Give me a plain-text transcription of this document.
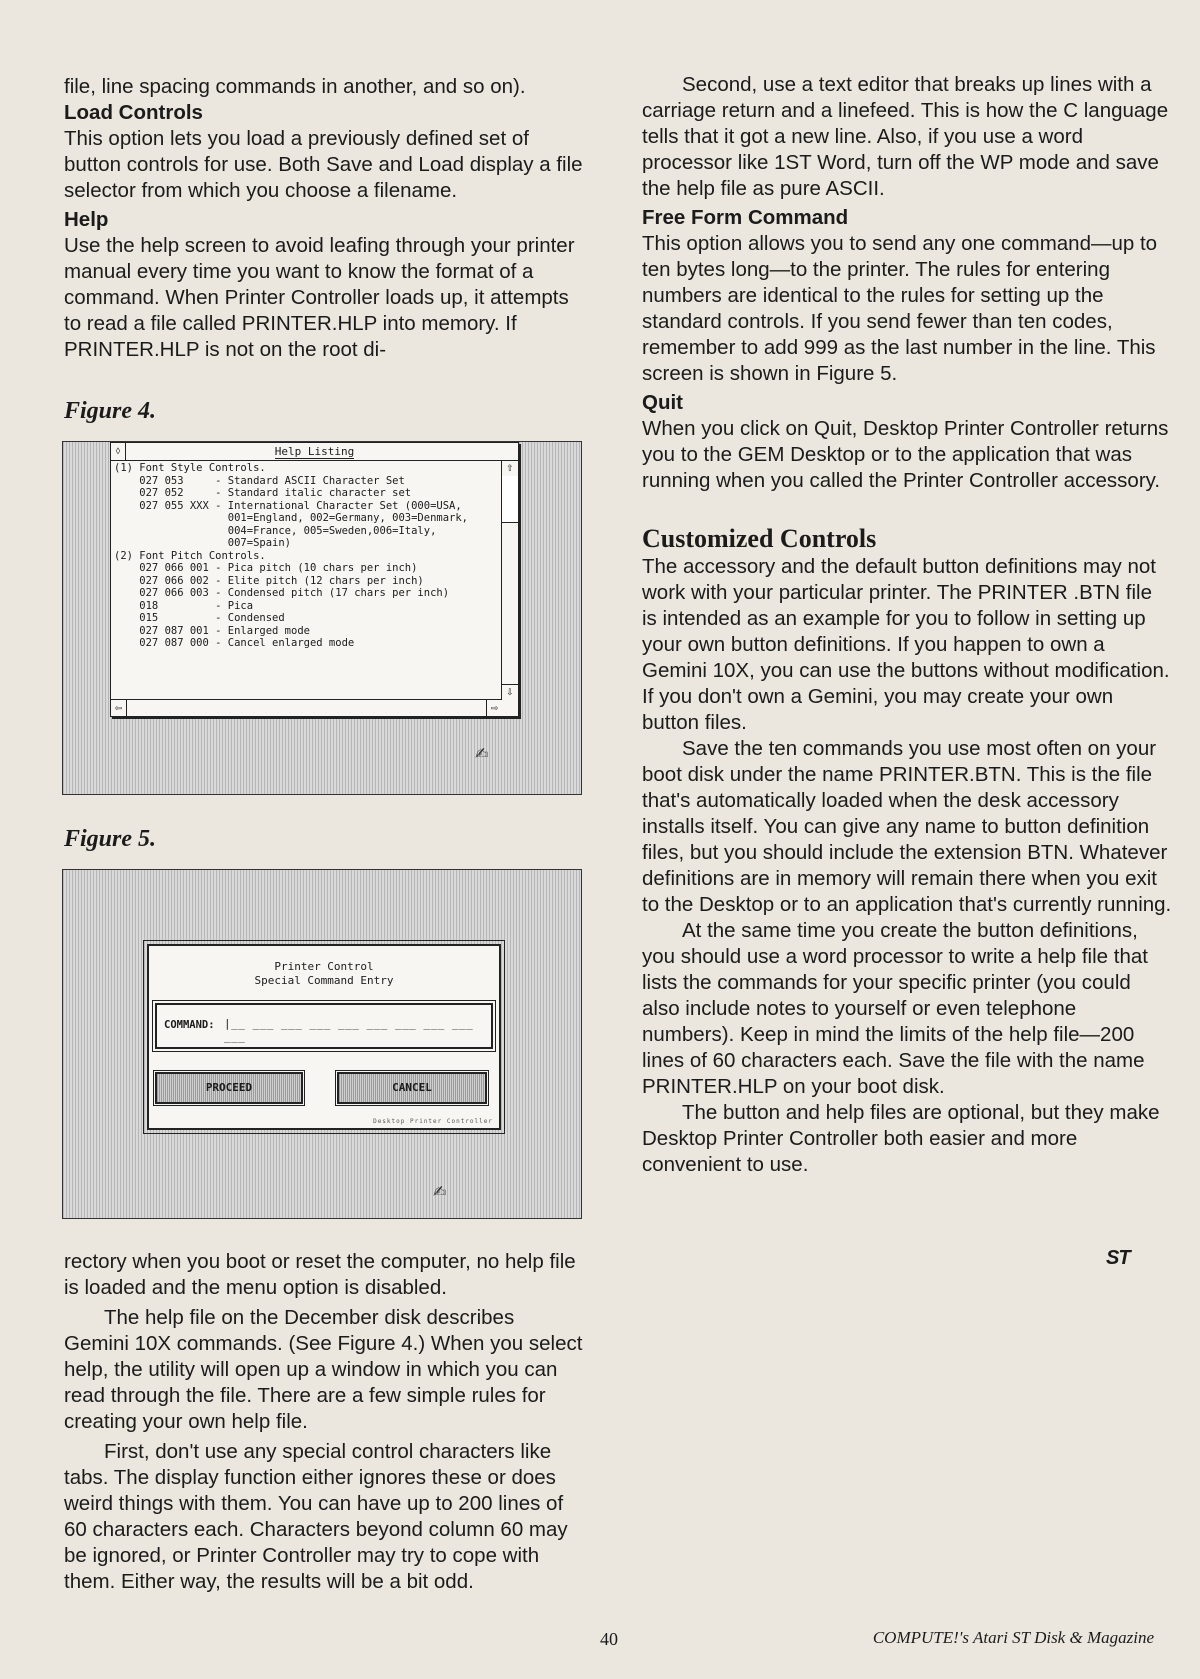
file, line spacing commands in another, and so on).

Load Controls

This option lets you load a previously defined set of button controls for use. Both Save and Load display a file selector from which you choose a filename.

Help

Use the help screen to avoid leafing through your printer manual every time you want to know the format of a command. When Printer Controller loads up, it attempts to read a file called PRINTER.HLP into memory. If PRINTER.HLP is not on the root di-

Figure 4.
◊	Help Listing
(1) Font Style Controls.
027 053     - Standard ASCII Character Set
027 052     - Standard italic character set
027 055 XXX - International Character Set (000=USA,
001=England, 002=Germany, 003=Denmark,
004=France, 005=Sweden,006=Italy,
007=Spain)
(2) Font Pitch Controls.
027 066 001 - Pica pitch (10 chars per inch)
027 066 002 - Elite pitch (12 chars per inch)
027 066 003 - Condensed pitch (17 chars per inch)
018         - Pica
015         - Condensed
027 087 001 - Enlarged mode
027 087 000 - Cancel enlarged mode
⇧
⇩
⇦	⇨
✍
Figure 5.
Printer Control
Special Command Entry
COMMAND: |__ ___ ___ ___ ___ ___ ___ ___ ___ ___
PROCEED	CANCEL
Desktop Printer Controller
✍

rectory when you boot or reset the computer, no help file is loaded and the menu option is disabled.

The help file on the December disk describes Gemini 10X commands. (See Figure 4.) When you select help, the utility will open up a window in which you can read through the file. There are a few simple rules for creating your own help file.

First, don't use any special control characters like tabs. The display function either ignores these or does weird things with them. You can have up to 200 lines of 60 characters each. Characters beyond column 60 may be ignored, or Printer Controller may try to cope with them. Either way, the results will be a bit odd.

Second, use a text editor that breaks up lines with a carriage return and a linefeed. This is how the C language tells that it got a new line. Also, if you use a word processor like 1ST Word, turn off the WP mode and save the help file as pure ASCII.

Free Form Command

This option allows you to send any one command—up to ten bytes long—to the printer. The rules for entering numbers are identical to the rules for setting up the standard controls. If you send fewer than ten codes, remember to add 999 as the last number in the line. This screen is shown in Figure 5.

Quit

When you click on Quit, Desktop Printer Controller returns you to the GEM Desktop or to the application that was running when you called the Printer Controller accessory.

Customized Controls

The accessory and the default button definitions may not work with your particular printer. The PRINTER .BTN file is intended as an example for you to follow in setting up your own button definitions. If you happen to own a Gemini 10X, you can use the buttons without modification. If you don't own a Gemini, you may create your own button files.

Save the ten commands you use most often on your boot disk under the name PRINTER.BTN. This is the file that's automatically loaded when the desk accessory installs itself. You can give any name to button definition files, but you should include the extension BTN. Whatever definitions are in memory will remain there when you exit to the Desktop or to an application that's currently running.

At the same time you create the button definitions, you should use a word processor to write a help file that lists the commands for your specific printer (you could also include notes to yourself or even telephone numbers). Keep in mind the limits of the help file—200 lines of 60 characters each. Save the file with the name PRINTER.HLP on your boot disk.

The button and help files are optional, but they make Desktop Printer Controller both easier and more convenient to use.

ST
40	COMPUTE!'s Atari ST Disk & Magazine
